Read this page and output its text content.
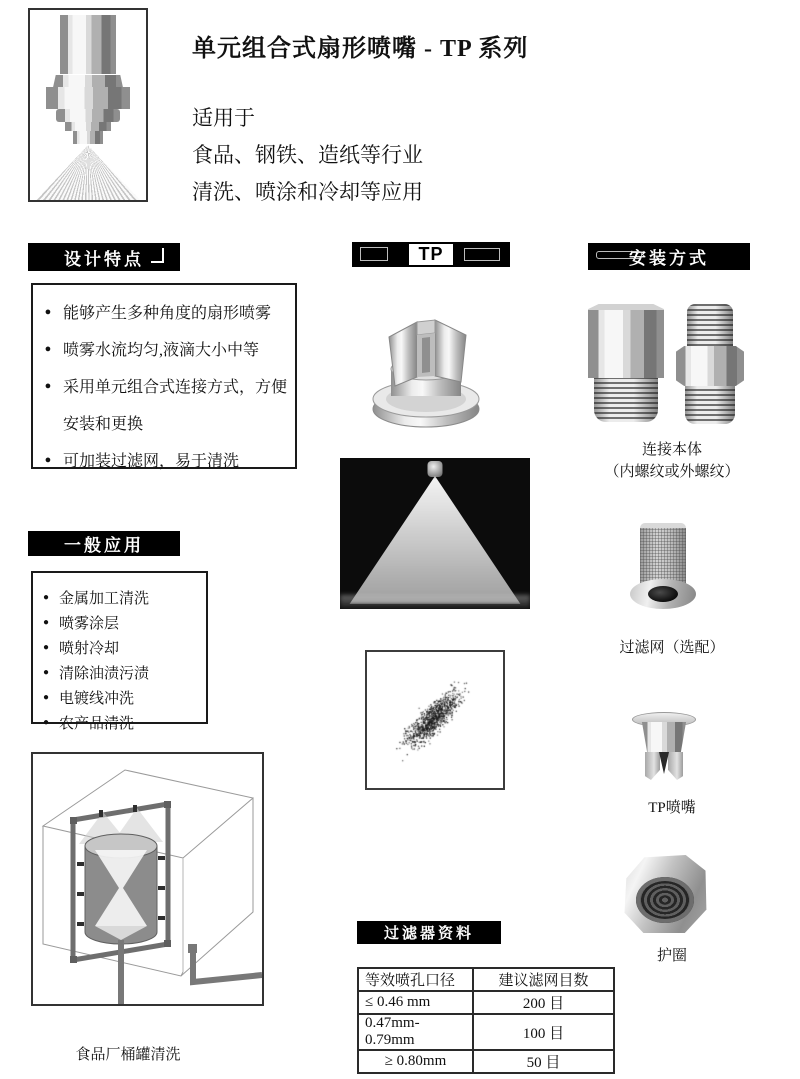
单元组合式扇形喷嘴 - TP 系列
适用于
食品、钢铁、造纸等行业
清洗、喷涂和冷却等应用
设计特点	TP	安装方式
过滤器资料
一般应用
● 能够产生多种角度的扇形喷雾
● 喷雾水流均匀,液滴大小中等
● 采用单元组合式连接方式，方便
安装和更换
● 可加装过滤网，易于清洗
● 金属加工清洗
● 喷雾涂层
● 喷射冷却
● 清除油渍污渍
● 电镀线冲洗
● 农产品清洗
连接本体
（内螺纹或外螺纹）
过滤网（选配）
TP喷嘴
护圈
食品厂桶罐清洗
等效喷孔口径	建议滤网目数
≤ 0.46 mm	200 目
0.47mm-0.79mm	100 目
≥ 0.80mm	50 目
